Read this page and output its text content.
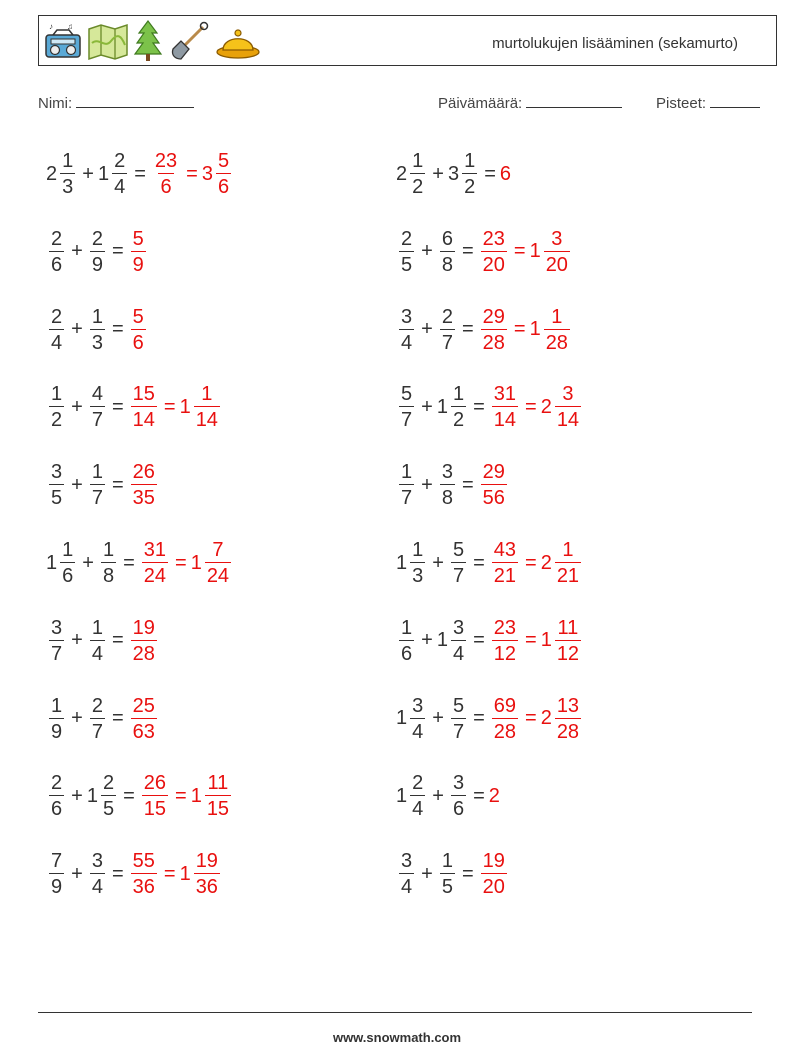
♪ ♫
murtolukujen lisääminen (sekamurto)
Nimi:	Päivämäärä:	Pisteet:
$2 \frac{1}{3} + 1 \frac{2}{4} = \frac{23}{6} = 3 \frac{5}{6}$	$2 \frac{1}{2} + 3 \frac{1}{2} = 6$
$\frac{2}{6} + \frac{2}{9} = \frac{5}{9}$	$\frac{2}{5} + \frac{6}{8} = \frac{23}{20} = 1 \frac{3}{20}$
$\frac{2}{4} + \frac{1}{3} = \frac{5}{6}$	$\frac{3}{4} + \frac{2}{7} = \frac{29}{28} = 1 \frac{1}{28}$
$\frac{1}{2} + \frac{4}{7} = \frac{15}{14} = 1 \frac{1}{14}$	$\frac{5}{7} + 1 \frac{1}{2} = \frac{31}{14} = 2 \frac{3}{14}$
$\frac{3}{5} + \frac{1}{7} = \frac{26}{35}$	$\frac{1}{7} + \frac{3}{8} = \frac{29}{56}$
$1 \frac{1}{6} + \frac{1}{8} = \frac{31}{24} = 1 \frac{7}{24}$	$1 \frac{1}{3} + \frac{5}{7} = \frac{43}{21} = 2 \frac{1}{21}$
$\frac{3}{7} + \frac{1}{4} = \frac{19}{28}$	$\frac{1}{6} + 1 \frac{3}{4} = \frac{23}{12} = 1 \frac{11}{12}$
$\frac{1}{9} + \frac{2}{7} = \frac{25}{63}$	$1 \frac{3}{4} + \frac{5}{7} = \frac{69}{28} = 2 \frac{13}{28}$
$\frac{2}{6} + 1 \frac{2}{5} = \frac{26}{15} = 1 \frac{11}{15}$	$1 \frac{2}{4} + \frac{3}{6} = 2$
$\frac{7}{9} + \frac{3}{4} = \frac{55}{36} = 1 \frac{19}{36}$	$\frac{3}{4} + \frac{1}{5} = \frac{19}{20}$
www.snowmath.com
